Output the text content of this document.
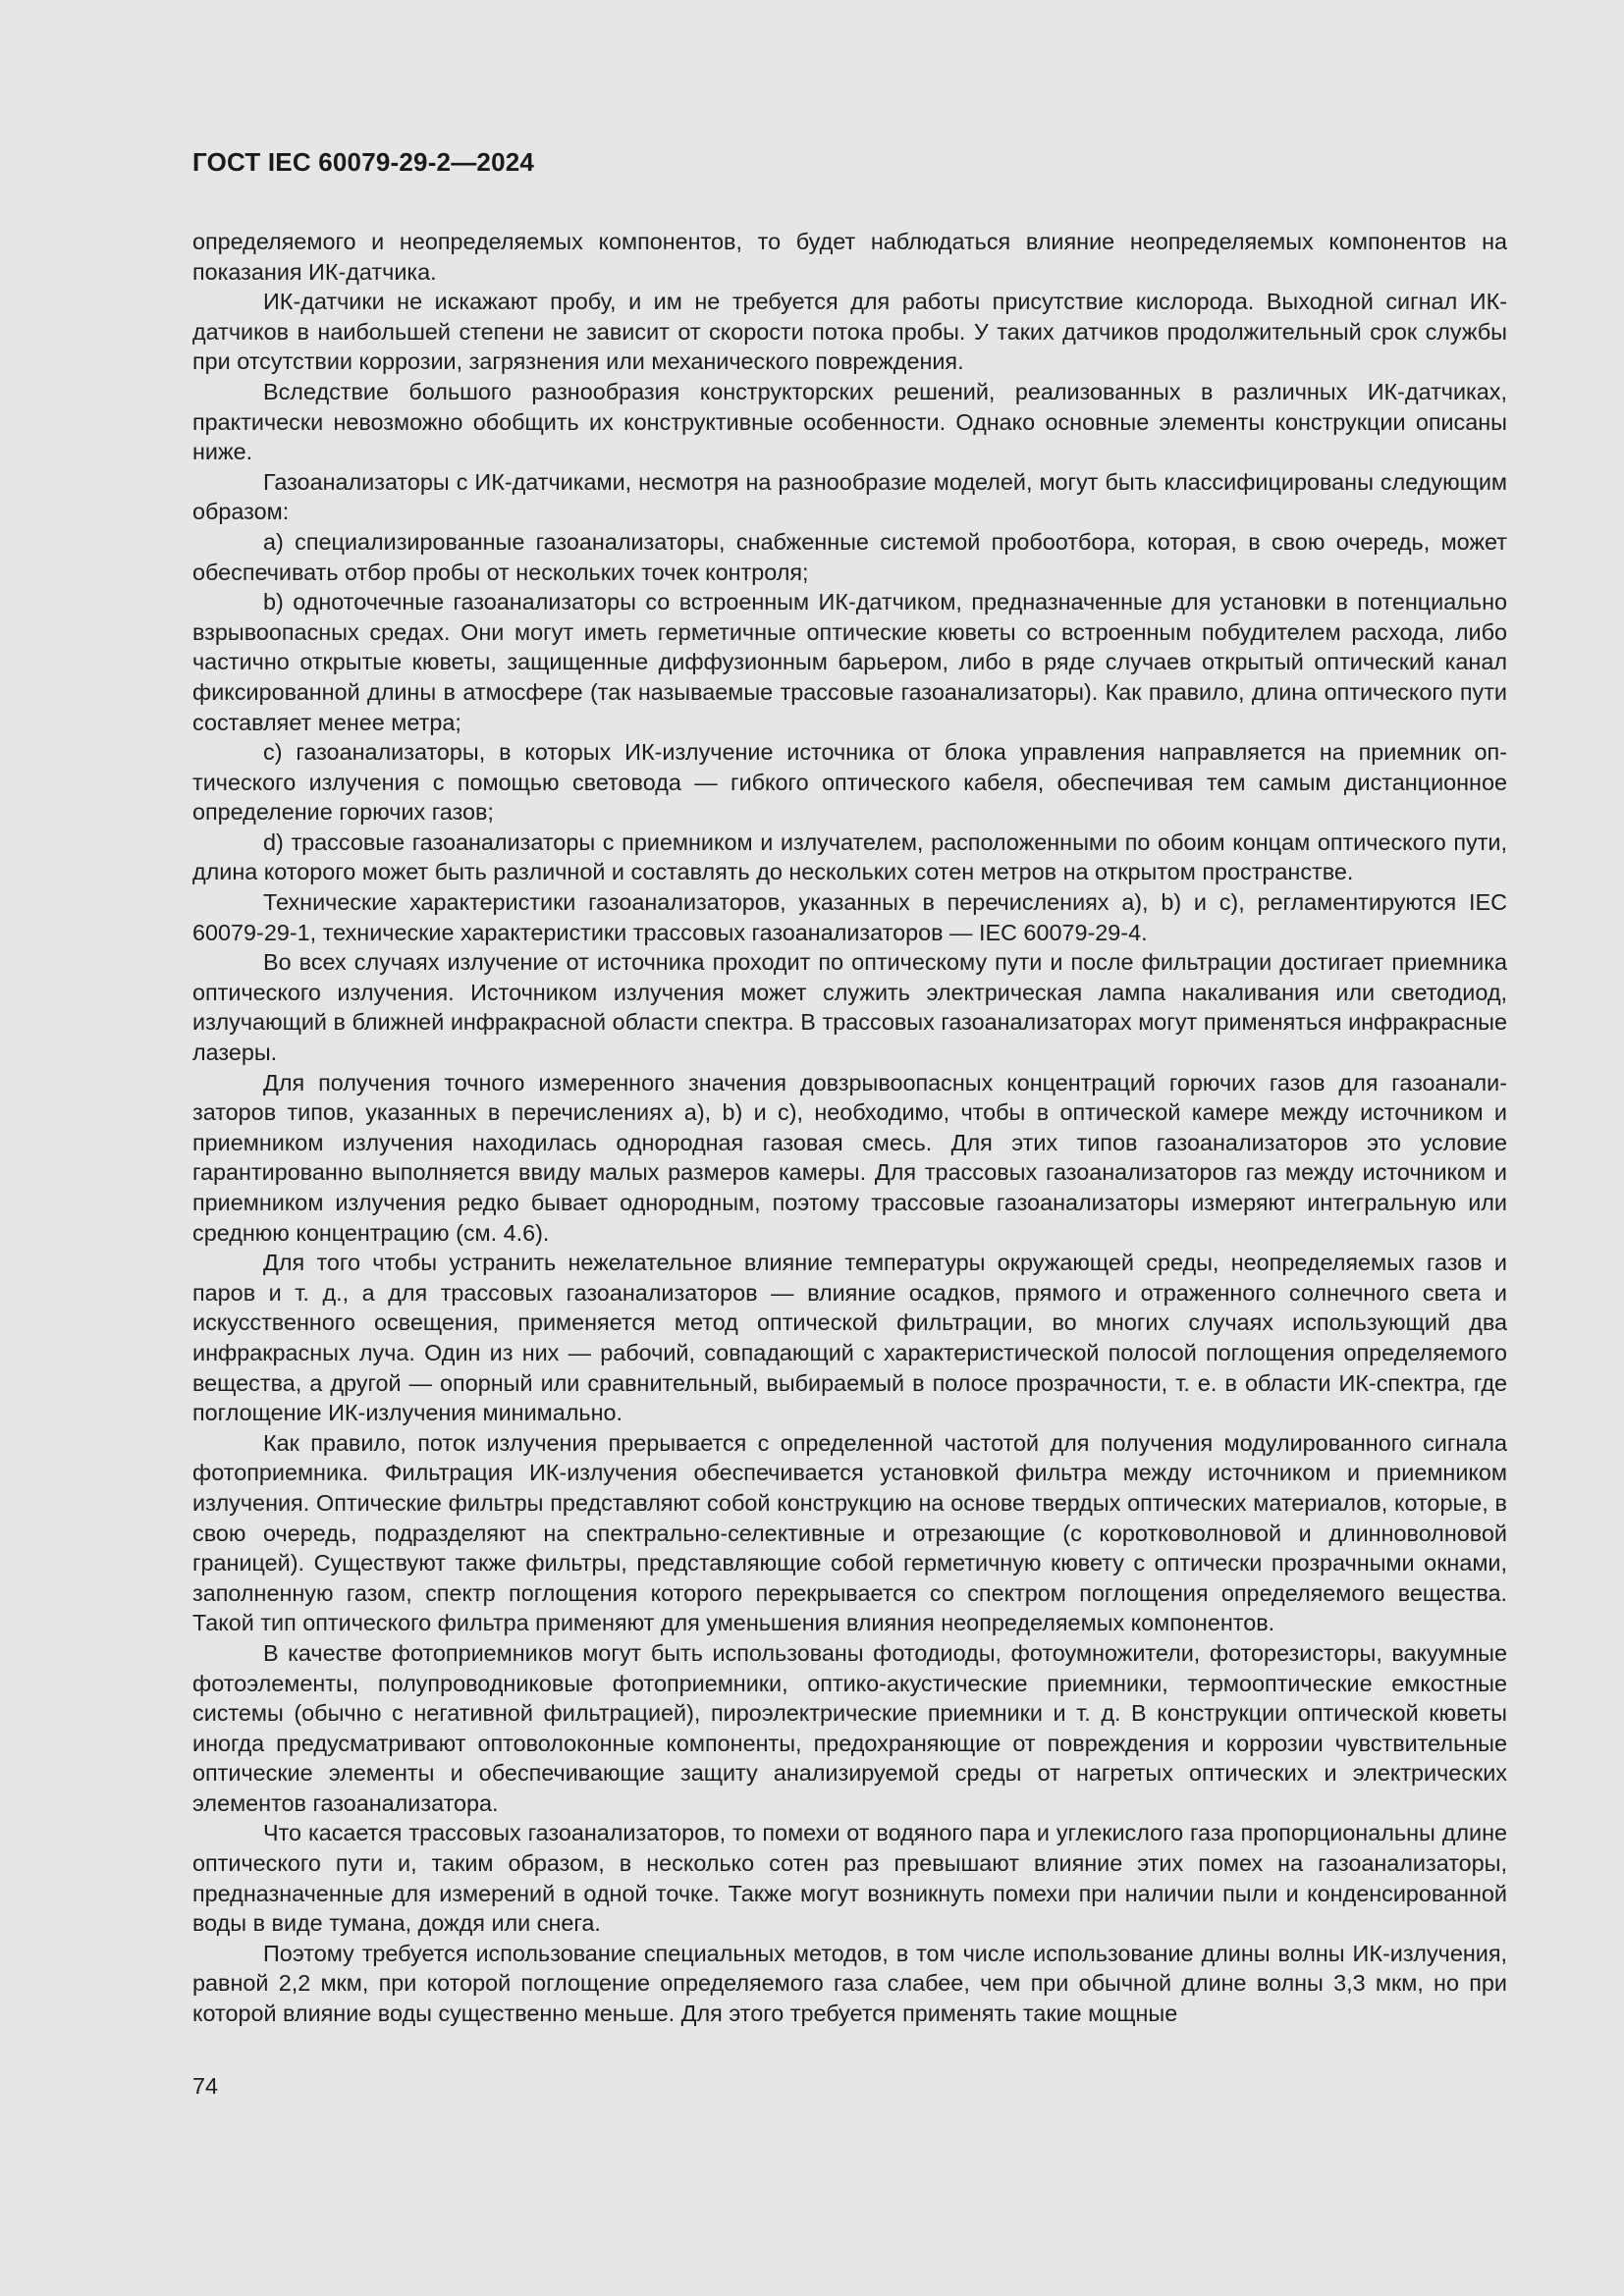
ГОСТ IEC 60079-29-2—2024

определяемого и неопределяемых компонентов, то будет наблюдаться влияние неопределяемых компонентов на показания ИК-датчика.

ИК-датчики не искажают пробу, и им не требуется для работы присутствие кислорода. Выходной сигнал ИК-датчиков в наибольшей степени не зависит от скорости потока пробы. У таких датчиков продолжительный срок службы при отсутствии коррозии, загрязнения или механического повреждения.

Вследствие большого разнообразия конструкторских решений, реализованных в различных ИК-датчиках, практически невозможно обобщить их конструктивные особенности. Однако основные элементы конструкции описаны ниже.

Газоанализаторы с ИК-датчиками, несмотря на разнообразие моделей, могут быть классифицированы следующим образом:

a) специализированные газоанализаторы, снабженные системой пробоотбора, которая, в свою очередь, может обеспечивать отбор пробы от нескольких точек контроля;

b) одноточечные газоанализаторы со встроенным ИК-датчиком, предназначенные для установки в потенциально взрывоопасных средах. Они могут иметь герметичные оптические кюветы со встроенным побудителем расхода, либо частично открытые кюветы, защищенные диффузионным барьером, либо в ряде случаев открытый оптический канал фиксированной длины в атмосфере (так называемые трассовые газоанализаторы). Как правило, длина оптического пути составляет менее метра;

c) газоанализаторы, в которых ИК-излучение источника от блока управления направляется на приемник оптического излучения с помощью световода — гибкого оптического кабеля, обеспечивая тем самым дистанционное определение горючих газов;

d) трассовые газоанализаторы с приемником и излучателем, расположенными по обоим концам оптического пути, длина которого может быть различной и составлять до нескольких сотен метров на открытом пространстве.

Технические характеристики газоанализаторов, указанных в перечислениях a), b) и c), регламентируются IEC 60079-29-1, технические характеристики трассовых газоанализаторов — IEC 60079-29-4.

Во всех случаях излучение от источника проходит по оптическому пути и после фильтрации достигает приемника оптического излучения. Источником излучения может служить электрическая лампа накаливания или светодиод, излучающий в ближней инфракрасной области спектра. В трассовых газоанализаторах могут применяться инфракрасные лазеры.

Для получения точного измеренного значения довзрывоопасных концентраций горючих газов для газоанализаторов типов, указанных в перечислениях a), b) и c), необходимо, чтобы в оптической камере между источником и приемником излучения находилась однородная газовая смесь. Для этих типов газоанализаторов это условие гарантированно выполняется ввиду малых размеров камеры. Для трассовых газоанализаторов газ между источником и приемником излучения редко бывает однородным, поэтому трассовые газоанализаторы измеряют интегральную или среднюю концентрацию (см. 4.6).

Для того чтобы устранить нежелательное влияние температуры окружающей среды, неопределяемых газов и паров и т. д., а для трассовых газоанализаторов — влияние осадков, прямого и отраженного солнечного света и искусственного освещения, применяется метод оптической фильтрации, во многих случаях использующий два инфракрасных луча. Один из них — рабочий, совпадающий с характеристической полосой поглощения определяемого вещества, а другой — опорный или сравнительный, выбираемый в полосе прозрачности, т. е. в области ИК-спектра, где поглощение ИК-излучения минимально.

Как правило, поток излучения прерывается с определенной частотой для получения модулированного сигнала фотоприемника. Фильтрация ИК-излучения обеспечивается установкой фильтра между источником и приемником излучения. Оптические фильтры представляют собой конструкцию на основе твердых оптических материалов, которые, в свою очередь, подразделяют на спектрально-селективные и отрезающие (с коротковолновой и длинноволновой границей). Существуют также фильтры, представляющие собой герметичную кювету с оптически прозрачными окнами, заполненную газом, спектр поглощения которого перекрывается со спектром поглощения определяемого вещества. Такой тип оптического фильтра применяют для уменьшения влияния неопределяемых компонентов.

В качестве фотоприемников могут быть использованы фотодиоды, фотоумножители, фоторезисторы, вакуумные фотоэлементы, полупроводниковые фотоприемники, оптико-акустические приемники, термооптические емкостные системы (обычно с негативной фильтрацией), пироэлектрические приемники и т. д. В конструкции оптической кюветы иногда предусматривают оптоволоконные компоненты, предохраняющие от повреждения и коррозии чувствительные оптические элементы и обеспечивающие защиту анализируемой среды от нагретых оптических и электрических элементов газоанализатора.

Что касается трассовых газоанализаторов, то помехи от водяного пара и углекислого газа пропорциональны длине оптического пути и, таким образом, в несколько сотен раз превышают влияние этих помех на газоанализаторы, предназначенные для измерений в одной точке. Также могут возникнуть помехи при наличии пыли и конденсированной воды в виде тумана, дождя или снега.

Поэтому требуется использование специальных методов, в том числе использование длины волны ИК-излучения, равной 2,2 мкм, при которой поглощение определяемого газа слабее, чем при обычной длине волны 3,3 мкм, но при которой влияние воды существенно меньше. Для этого требуется применять такие мощные

74
